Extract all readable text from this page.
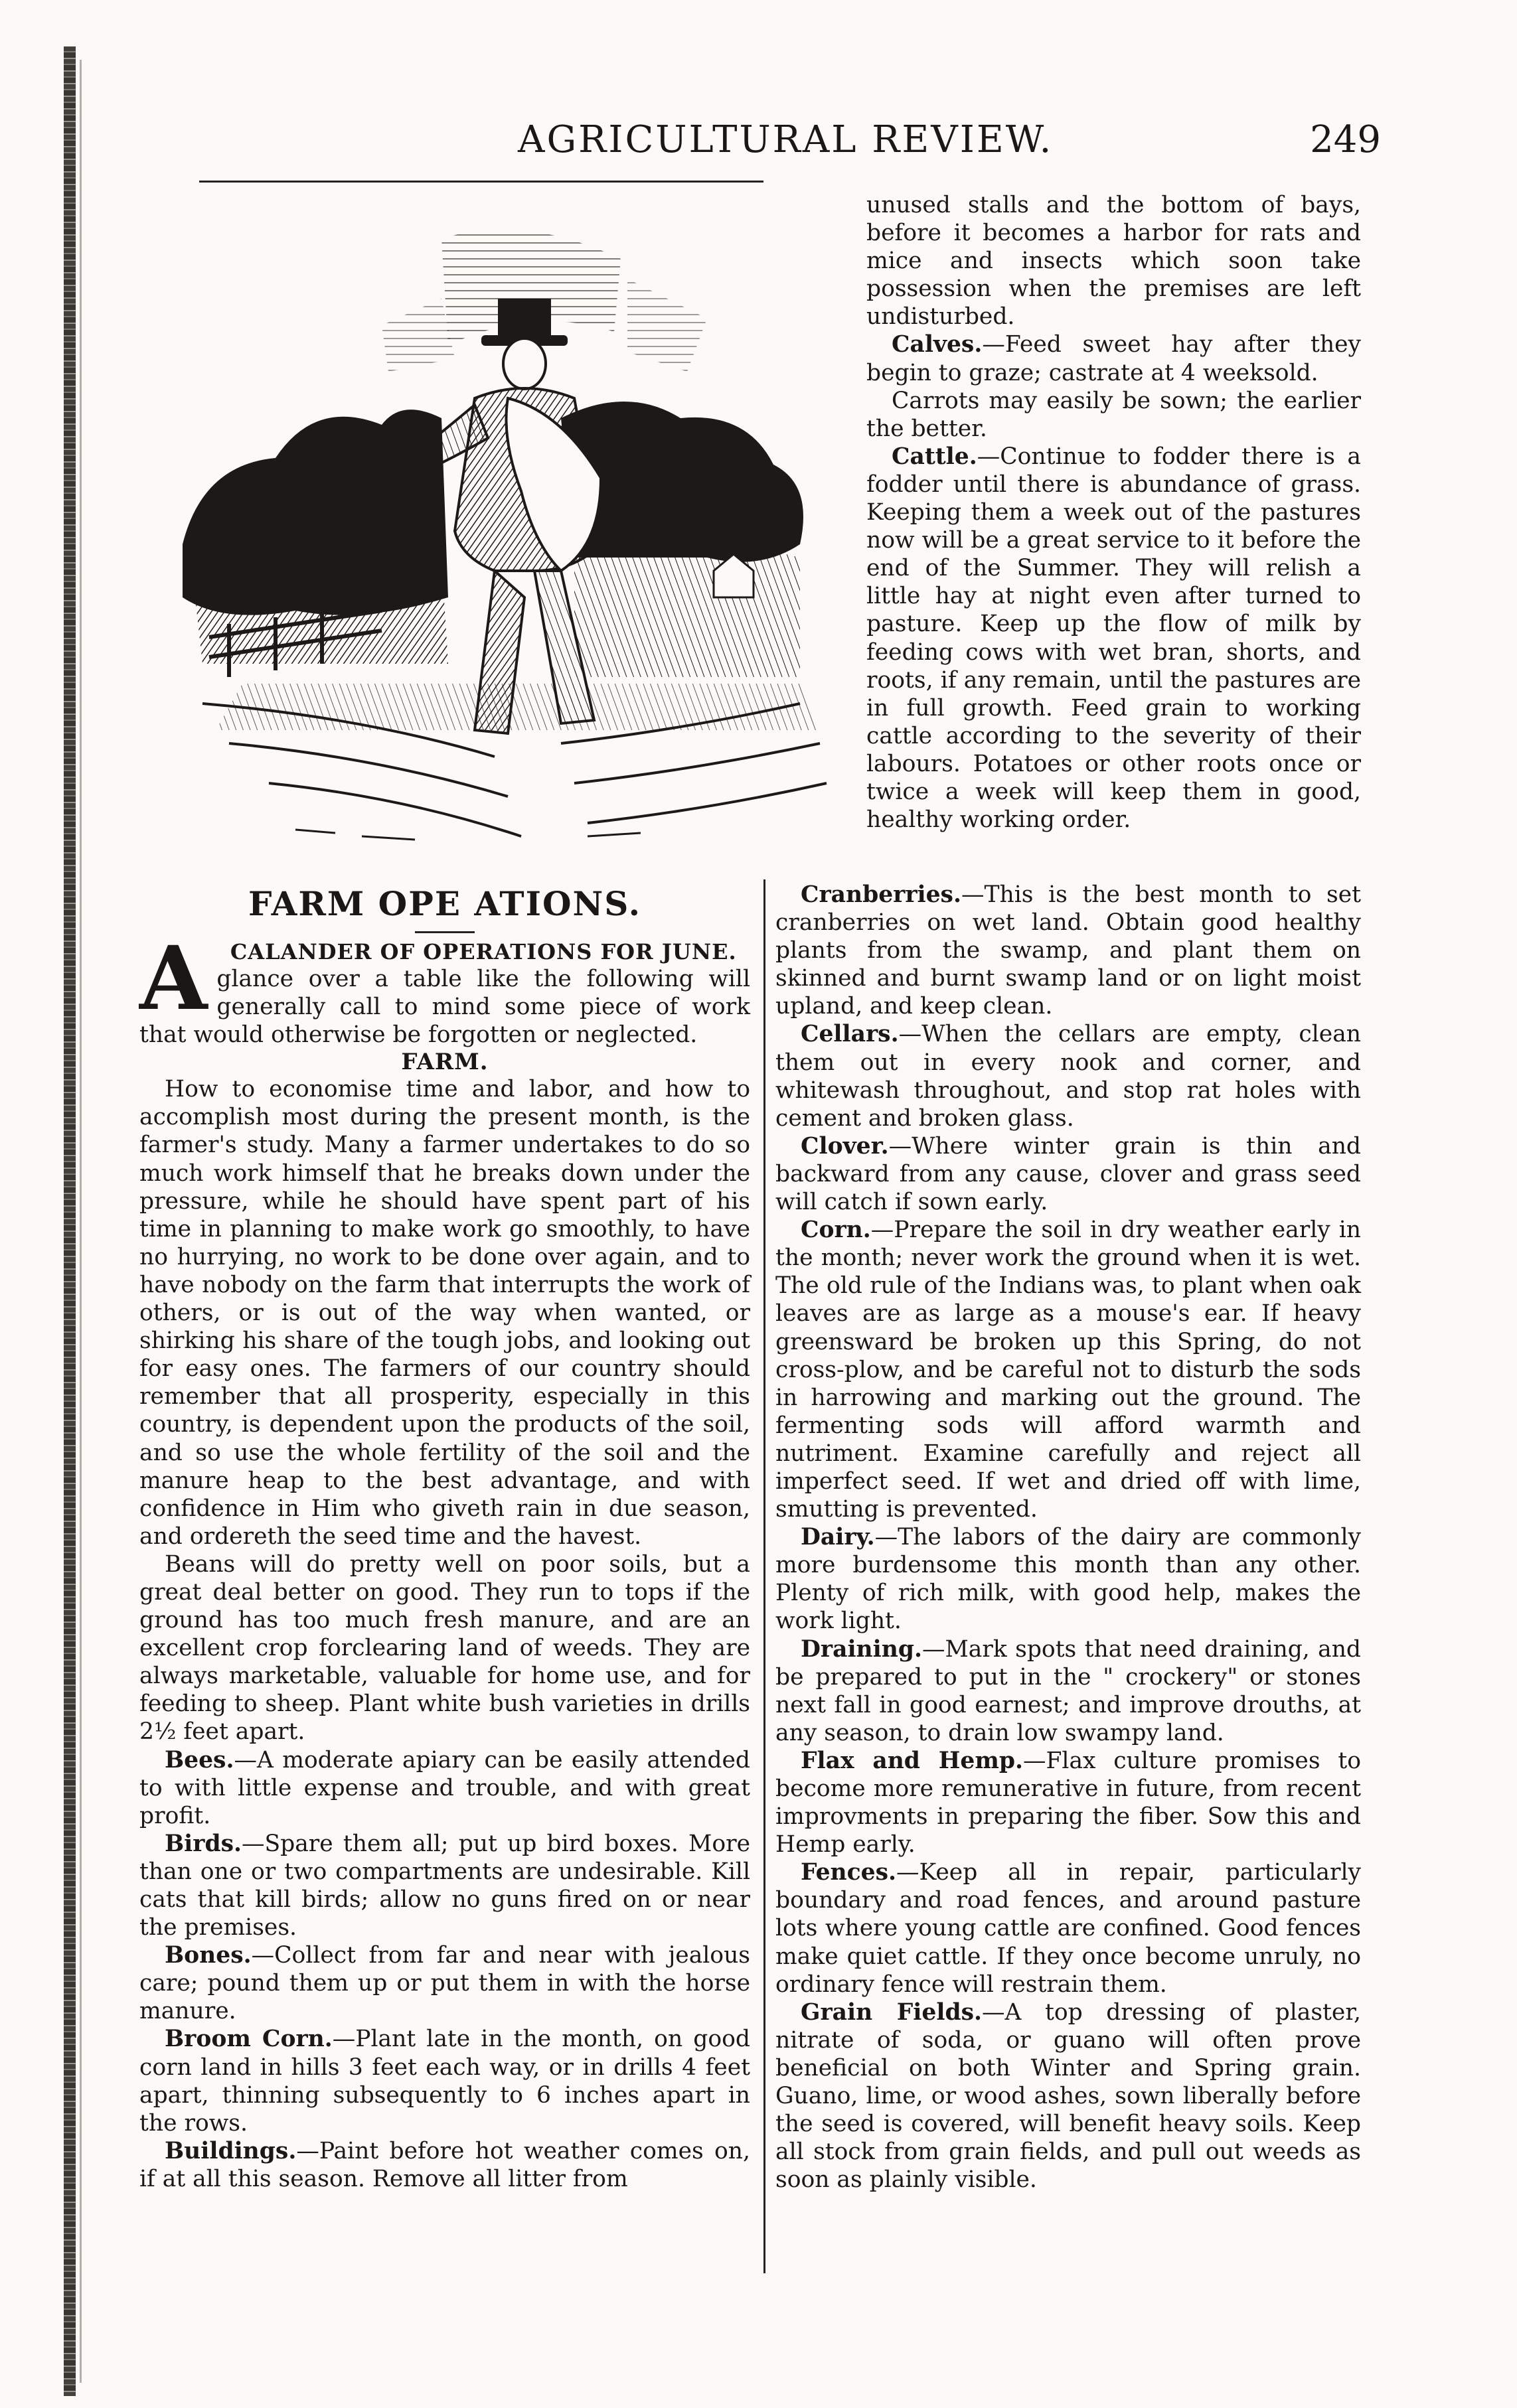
AGRICULTURAL REVIEW.	249

unused stalls and the bottom of bays, before it becomes a harbor for rats and mice and insects which soon take possession when the premises are left undisturbed.

Calves.—Feed sweet hay after they begin to graze; castrate at 4 weeksold.

Carrots may easily be sown; the earlier the better.

Cattle.—Continue to fodder there is a fodder until there is abundance of grass. Keeping them a week out of the pastures now will be a great service to it before the end of the Summer. They will relish a little hay at night even after turned to pasture. Keep up the flow of milk by feeding cows with wet bran, shorts, and roots, if any remain, until the pastures are in full growth. Feed grain to working cattle according to the severity of their labours. Potatoes or other roots once or twice a week will keep them in good, healthy working order.

FARM OPE ATIONS.
A	CALANDER OF OPERATIONS FOR JUNE.

glance over a table like the following will generally call to mind some piece of work that would otherwise be forgotten or neglected.

FARM.

How to economise time and labor, and how to accomplish most during the present month, is the farmer's study. Many a farmer undertakes to do so much work himself that he breaks down under the pressure, while he should have spent part of his time in planning to make work go smoothly, to have no hurrying, no work to be done over again, and to have nobody on the farm that interrupts the work of others, or is out of the way when wanted, or shirking his share of the tough jobs, and looking out for easy ones. The farmers of our country should remember that all prosperity, especially in this country, is dependent upon the products of the soil, and so use the whole fertility of the soil and the manure heap to the best advantage, and with confidence in Him who giveth rain in due season, and ordereth the seed time and the havest.

Beans will do pretty well on poor soils, but a great deal better on good. They run to tops if the ground has too much fresh manure, and are an excellent crop forclearing land of weeds. They are always marketable, valuable for home use, and for feeding to sheep. Plant white bush varieties in drills 2½ feet apart.

Bees.—A moderate apiary can be easily attended to with little expense and trouble, and with great profit.

Birds.—Spare them all; put up bird boxes. More than one or two compartments are undesirable. Kill cats that kill birds; allow no guns fired on or near the premises.

Bones.—Collect from far and near with jealous care; pound them up or put them in with the horse manure.

Broom Corn.—Plant late in the month, on good corn land in hills 3 feet each way, or in drills 4 feet apart, thinning subsequently to 6 inches apart in the rows.

Buildings.—Paint before hot weather comes on, if at all this season. Remove all litter from

Cranberries.—This is the best month to set cranberries on wet land. Obtain good healthy plants from the swamp, and plant them on skinned and burnt swamp land or on light moist upland, and keep clean.

Cellars.—When the cellars are empty, clean them out in every nook and corner, and whitewash throughout, and stop rat holes with cement and broken glass.

Clover.—Where winter grain is thin and backward from any cause, clover and grass seed will catch if sown early.

Corn.—Prepare the soil in dry weather early in the month; never work the ground when it is wet. The old rule of the Indians was, to plant when oak leaves are as large as a mouse's ear. If heavy greensward be broken up this Spring, do not cross-plow, and be careful not to disturb the sods in harrowing and marking out the ground. The fermenting sods will afford warmth and nutriment. Examine carefully and reject all imperfect seed. If wet and dried off with lime, smutting is prevented.

Dairy.—The labors of the dairy are commonly more burdensome this month than any other. Plenty of rich milk, with good help, makes the work light.

Draining.—Mark spots that need draining, and be prepared to put in the " crockery" or stones next fall in good earnest; and improve drouths, at any season, to drain low swampy land.

Flax and Hemp.—Flax culture promises to become more remunerative in future, from recent improvments in preparing the fiber. Sow this and Hemp early.

Fences.—Keep all in repair, particularly boundary and road fences, and around pasture lots where young cattle are confined. Good fences make quiet cattle. If they once become unruly, no ordinary fence will restrain them.

Grain Fields.—A top dressing of plaster, nitrate of soda, or guano will often prove beneficial on both Winter and Spring grain. Guano, lime, or wood ashes, sown liberally before the seed is covered, will benefit heavy soils. Keep all stock from grain fields, and pull out weeds as soon as plainly visible.
